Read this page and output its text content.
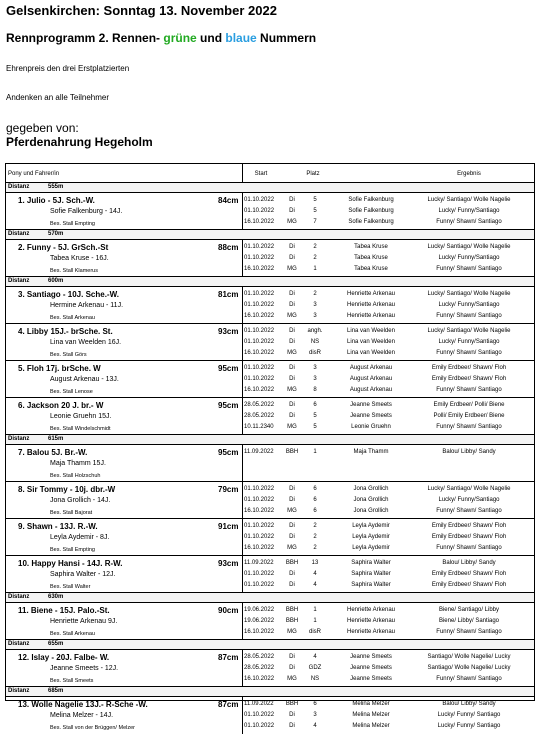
Gelsenkirchen: Sonntag 13. November 2022
Rennprogramm 2. Rennen- grüne und blaue Nummern
Ehrenpreis den drei Erstplatzierten
Andenken an alle Teilnehmer
gegeben von:
Pferdenahrung Hegeholm
Pony und Fahrer/in	Start	Platz	Ergebnis
Distanz	555m
1. Julio - 5J. Sch.-W.	84cm
Sofie Falkenburg - 14J.
Bes. Stall Empting
01.10.2022	Di	5	Sofie Falkenburg	Lucky/ Santiago/ Wolle Nagelie
01.10.2022	Di	5	Sofie Falkenburg	Lucky/ Funny/Santiago
16.10.2022 MG	7	Sofie Falkenburg	Funny/ Shawn/ Santiago
Distanz	570m
2. Funny - 5J. GrSch.-St	88cm
Tabea Kruse - 16J.
Bes. Stall Klamerus
01.10.2022	Di	2	Tabea Kruse	Lucky/ Santiago/ Wolle Nagelie
01.10.2022	Di	2	Tabea Kruse	Lucky/ Funny/Santiago
16.10.2022 MG	1	Tabea Kruse	Funny/ Shawn/ Santiago
Distanz	600m
3. Santiago - 10J. Sche.-W.	81cm
Hermine Arkenau - 11J.
Bes. Stall Arkenau
01.10.2022	Di	2	Henriette Arkenau	Lucky/ Santiago/ Wolle Nagelie
01.10.2022	Di	3	Henriette Arkenau	Lucky/ Funny/Santiago
16.10.2022 MG	3	Henriette Arkenau	Funny/ Shawn/ Santiago
4. Libby 15J.- brSche. St.	93cm
Lina van Weelden 16J.
Bes. Stall Görs
01.10.2022	Di angh.	Lina van Weelden	Lucky/ Santiago/ Wolle Nagelie
01.10.2022	Di	NS	Lina van Weelden	Lucky/ Funny/Santiago
16.10.2022 MG disR	Lina van Weelden	Funny/ Shawn/ Santiago
5. Floh 17j. brSche. W	95cm
August Arkenau - 13J.
Bes. Stall Lenose
01.10.2022	Di	3	August Arkenau	Emily Erdbeer/ Shawn/ Floh
01.10.2022	Di	3	August Arkenau	Emily Erdbeer/ Shawn/ Floh
16.10.2022 MG	8	August Arkenau	Funny/ Shawn/ Santiago
6. Jackson 20 J. br.- W	95cm
Leonie Gruehn 15J.
Bes. Stall Windelschmidt
28.05.2022	Di	6	Jeanne Smeets	Emily Erdbeer/ Polli/ Biene
28.05.2022	Di	5	Jeanne Smeets	Polli/ Emily Erdbeer/ Biene
10.11.2340 MG	5	Leonie Gruehn	Funny/ Shawn/ Santiago
Distanz	615m
7. Balou 5J. Br.-W.	95cm
Maja Thamm 15J.
Bes. Stall Holzschuh
11.09.2022 BBH	1	Maja Thamm	Balou/ Libby/ Sandy
8. Sir Tommy - 10j. dbr.-W	79cm
Jona Grollich - 14J.
Bes. Stall Bajorat
01.10.2022	Di	6	Jona Grollich	Lucky/ Santiago/ Wolle Nagelie
01.10.2022	Di	6	Jona Grollich	Lucky/ Funny/Santiago
16.10.2022 MG	6	Jona Grollich	Funny/ Shawn/ Santiago
9. Shawn - 13J. R.-W.	91cm
Leyla Aydemir - 8J.
Bes. Stall Empting
01.10.2022	Di	2	Leyla Aydemir	Emily Erdbeer/ Shawn/ Floh
01.10.2022	Di	2	Leyla Aydemir	Emily Erdbeer/ Shawn/ Floh
16.10.2022 MG	2	Leyla Aydemir	Funny/ Shawn/ Santiago
10. Happy Hansi - 14J. R-W.	93cm
Saphira Walter - 12J.
Bes. Stall Walter
11.09.2022 BBH 13	Saphira Walter	Balou/ Libby/ Sandy
01.10.2022	Di	4	Saphira Walter	Emily Erdbeer/ Shawn/ Floh
01.10.2022	Di	4	Saphira Walter	Emily Erdbeer/ Shawn/ Floh
Distanz	630m
11. Biene - 15J. Palo.-St.	90cm
Henriette Arkenau 9J.
Bes. Stall Arkenau
19.06.2022 BBH	1	Henriette Arkenau	Biene/ Santiago/ Libby
19.06.2022 BBH	1	Henriette Arkenau	Biene/ Libby/ Santiago
16.10.2022 MG disR	Henriette Arkenau	Funny/ Shawn/ Santiago
Distanz	655m
12. Islay - 20J. Falbe- W.	87cm
Jeanne Smeets - 12J.
Bes. Stall Smeets
28.05.2022	Di	4	Jeanne Smeets	Santiago/ Wolle Nagelie/ Lucky
28.05.2022	Di GDZ	Jeanne Smeets	Santiago/ Wolle Nagelie/ Lucky
16.10.2022 MG NS	Jeanne Smeets	Funny/ Shawn/ Santiago
Distanz	685m
13. Wolle Nagelie 13J.- R-Sche -W.	87cm
Melina Melzer - 14J.
Bes. Stall von der Brüggen/ Melzer
11.09.2022 BBH	6	Melina Melzer	Balou/ Libby/ Sandy
01.10.2022	Di	3	Melina Melzer	Lucky/ Funny/ Santiago
01.10.2022	Di	4	Melina Melzer	Lucky/ Funny/ Santiago
